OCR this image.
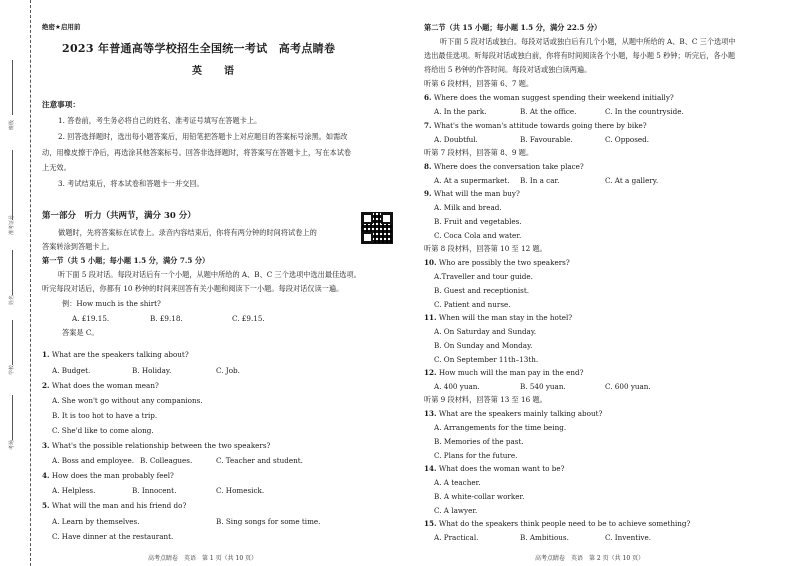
班级
准考证号
姓名
学校
考场
绝密★启用前
2023 年普通高等学校招生全国统一考试　高考点睛卷
英　语
注意事项：
1. 答卷前，考生务必将自己的姓名、准考证号填写在答题卡上。
2. 回答选择题时，选出每小题答案后，用铅笔把答题卡上对应题目的答案标号涂黑。如需改
动，用橡皮擦干净后，再选涂其他答案标号。回答非选择题时，将答案写在答题卡上，写在本试卷
上无效。
3. 考试结束后，将本试卷和答题卡一并交回。
第一部分　听力（共两节，满分 30 分）
做题时，先将答案标在试卷上。录音内容结束后，你将有两分钟的时间将试卷上的
答案转涂到答题卡上。
第一节（共 5 小题；每小题 1.5 分，满分 7.5 分）
听下面 5 段对话。每段对话后有一个小题，从题中所给的 A、B、C 三个选项中选出最佳选项。
听完每段对话后，你都有 10 秒钟的时间来回答有关小题和阅读下一小题。每段对话仅读一遍。
例：How much is the shirt?
A. £19.15.	B. £9.18.	C. £9.15.
答案是 C。
1. What are the speakers talking about?
A. Budget.	B. Holiday.	C. Job.
2. What does the woman mean?
A. She won't go without any companions.
B. It is too hot to have a trip.
C. She'd like to come along.
3. What's the possible relationship between the two speakers?
A. Boss and employee. B. Colleagues.	C. Teacher and student.
4. How does the man probably feel?
A. Helpless.	B. Innocent.	C. Homesick.
5. What will the man and his friend do?
A. Learn by themselves.	B. Sing songs for some time.
C. Have dinner at the restaurant.
高考点睛卷　英语　第 1 页（共 10 页）
第二节（共 15 小题；每小题 1.5 分，满分 22.5 分）
听下面 5 段对话或独白。每段对话或独白后有几个小题，从题中所给的 A、B、C 三个选项中
选出最佳选项。听每段对话或独白前，你将有时间阅读各个小题，每小题 5 秒钟；听完后，各小题
将给出 5 秒钟的作答时间。每段对话或独白读两遍。
听第 6 段材料，回答第 6、7 题。
6. Where does the woman suggest spending their weekend initially?
A. In the park.	B. At the office.	C. In the countryside.
7. What's the woman's attitude towards going there by bike?
A. Doubtful.	B. Favourable.	C. Opposed.
听第 7 段材料，回答第 8、9 题。
8. Where does the conversation take place?
A. At a supermarket. B. In a car.	C. At a gallery.
9. What will the man buy?
A. Milk and bread.
B. Fruit and vegetables.
C. Coca Cola and water.
听第 8 段材料，回答第 10 至 12 题。
10. Who are possibly the two speakers?
A.Traveller and tour guide.
B. Guest and receptionist.
C. Patient and nurse.
11. When will the man stay in the hotel?
A. On Saturday and Sunday.
B. On Sunday and Monday.
C. On September 11th–13th.
12. How much will the man pay in the end?
A. 400 yuan.	B. 540 yuan.	C. 600 yuan.
听第 9 段材料，回答第 13 至 16 题。
13. What are the speakers mainly talking about?
A. Arrangements for the time being.
B. Memories of the past.
C. Plans for the future.
14. What does the woman want to be?
A. A teacher.
B. A white-collar worker.
C. A lawyer.
15. What do the speakers think people need to be to achieve something?
A. Practical.	B. Ambitious.	C. Inventive.
高考点睛卷　英语　第 2 页（共 10 页）
